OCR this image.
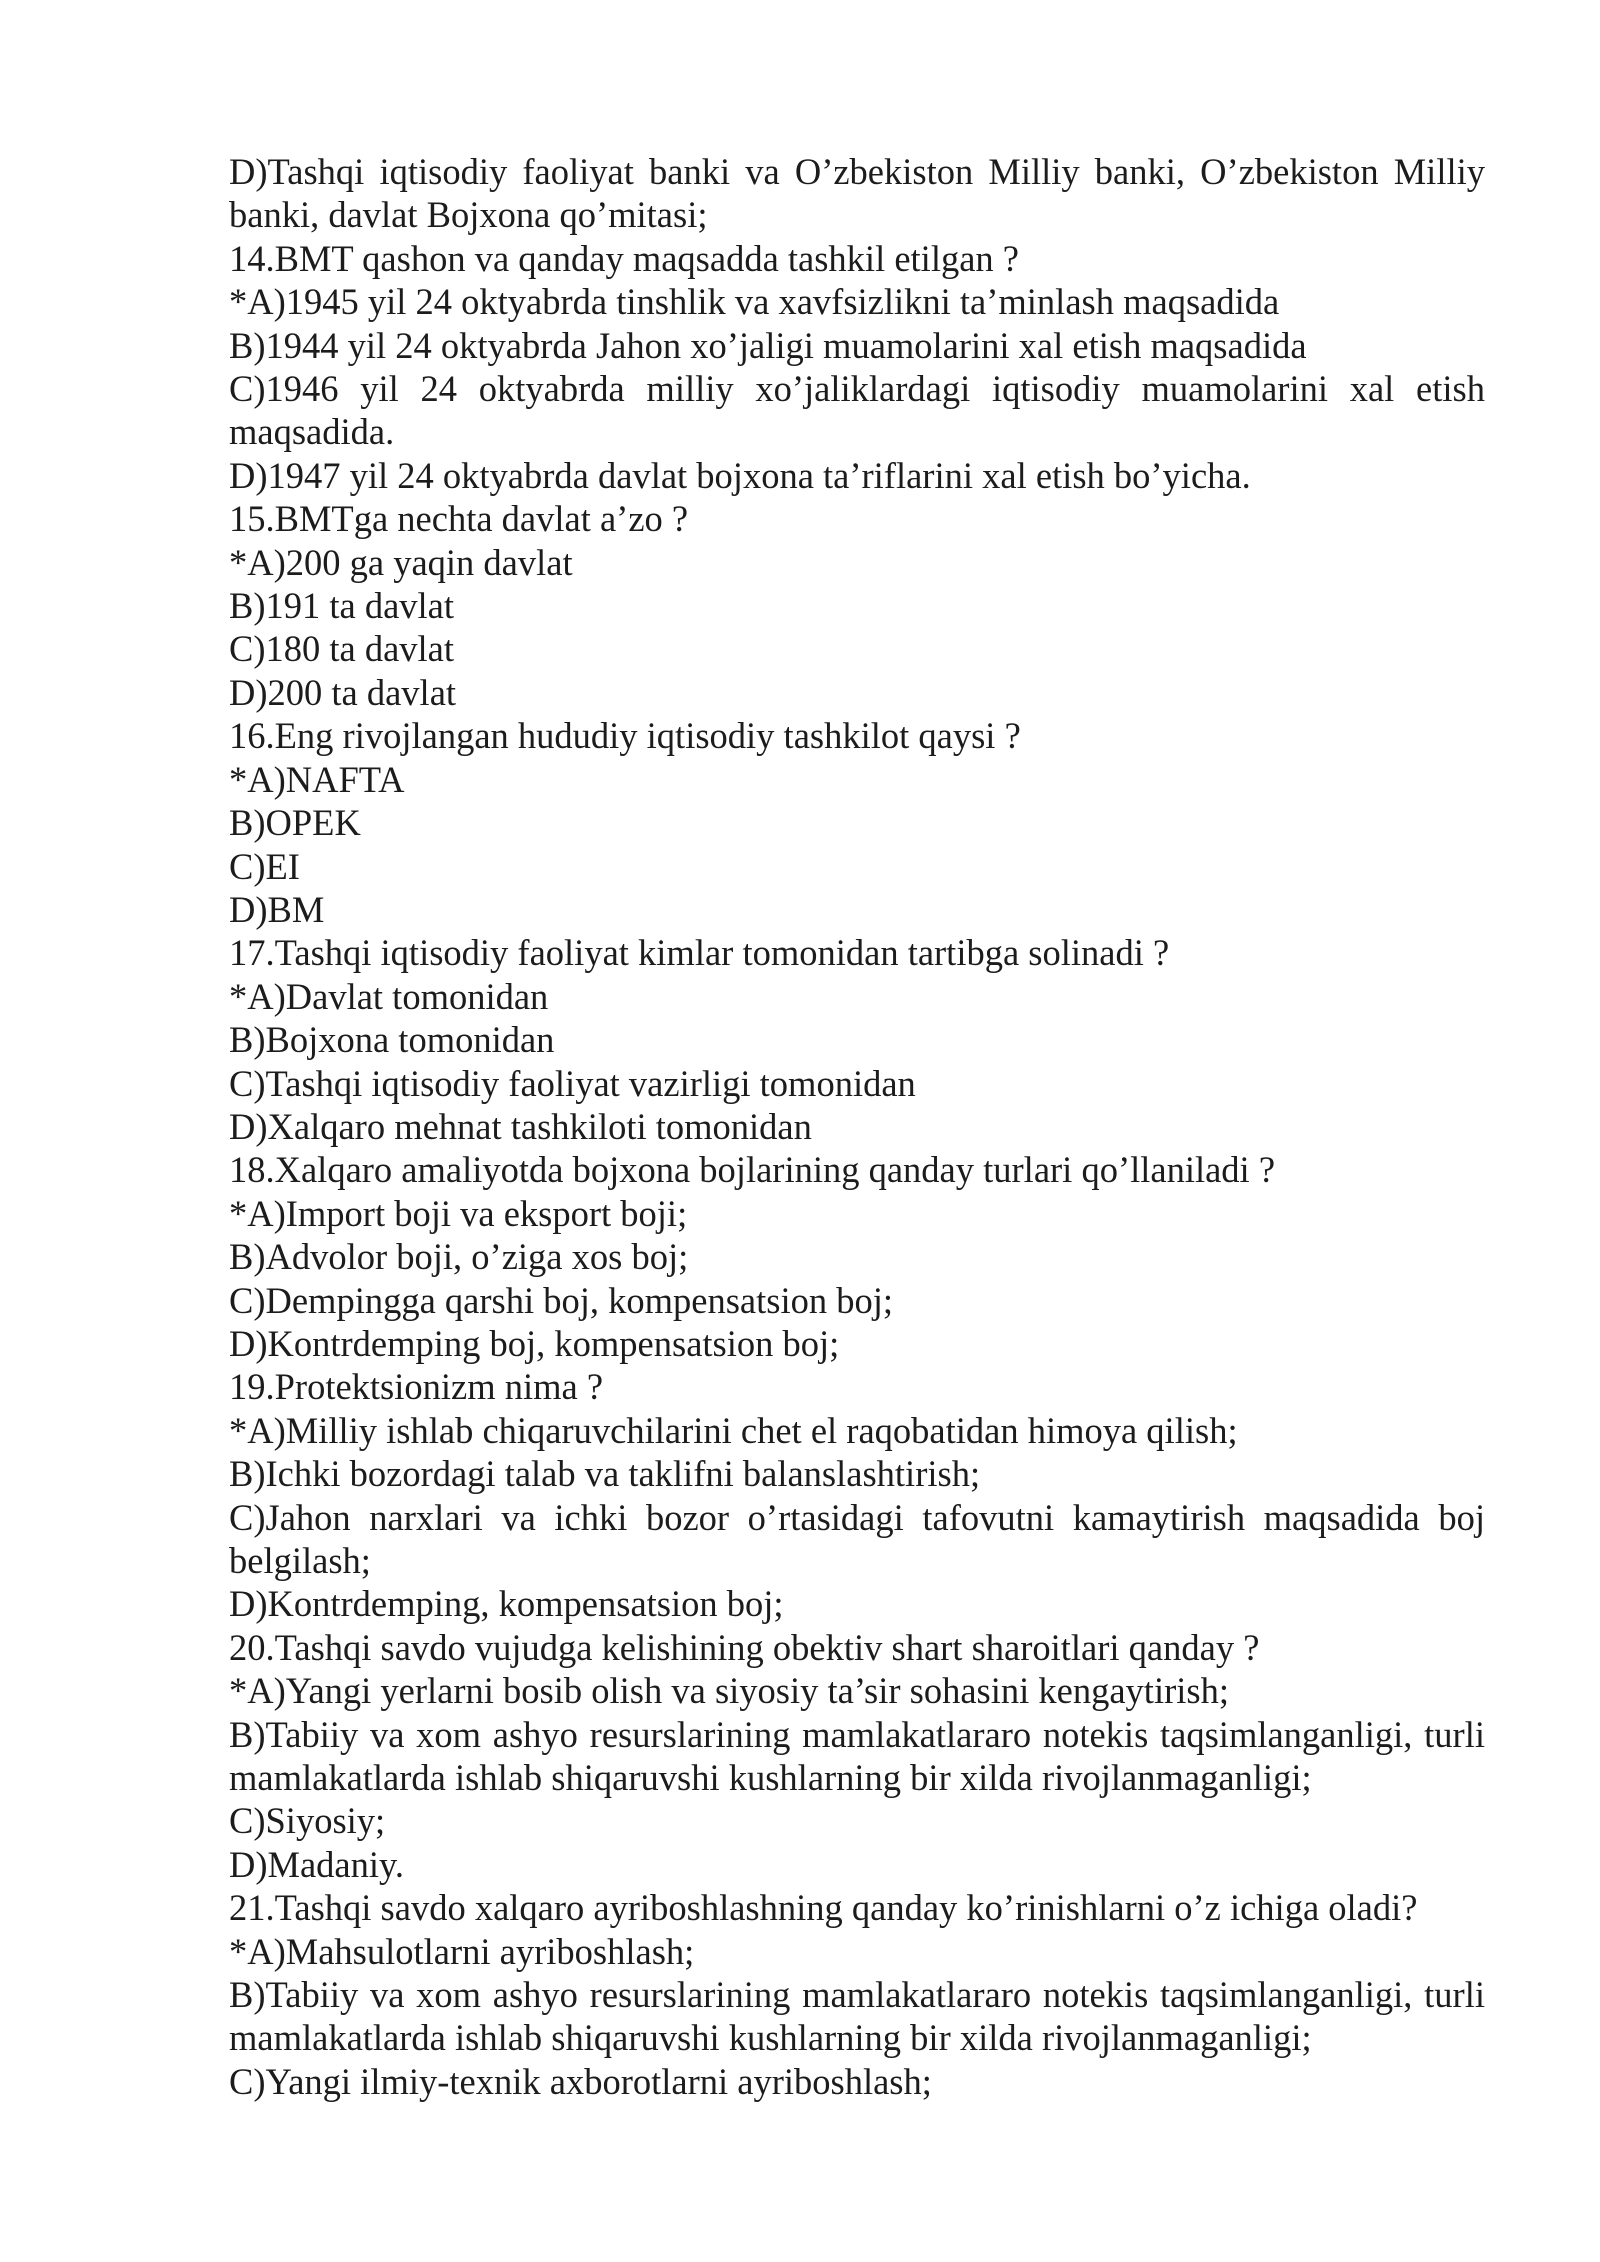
D)Tashqi iqtisodiy faoliyat banki va O’zbekiston Milliy banki, O’zbekiston Milliy banki, davlat Bojxona qo’mitasi;

14.BMT qashon va qanday maqsadda tashkil etilgan ?

*A)1945 yil 24 oktyabrda tinshlik va xavfsizlikni ta’minlash maqsadida

B)1944 yil 24 oktyabrda Jahon xo’jaligi muamolarini xal etish maqsadida

C)1946 yil 24 oktyabrda milliy xo’jaliklardagi iqtisodiy muamolarini xal etish maqsadida.

D)1947 yil 24 oktyabrda davlat bojxona ta’riflarini xal etish bo’yicha.

15.BMTga nechta davlat a’zo ?

*A)200 ga yaqin davlat

B)191 ta davlat

C)180 ta davlat

D)200 ta davlat

16.Eng rivojlangan hududiy iqtisodiy tashkilot qaysi ?

*A)NAFTA

B)OPEK

C)EI

D)BM

17.Tashqi iqtisodiy faoliyat kimlar tomonidan tartibga solinadi ?

*A)Davlat tomonidan

B)Bojxona tomonidan

C)Tashqi iqtisodiy faoliyat vazirligi tomonidan

D)Xalqaro mehnat tashkiloti tomonidan

18.Xalqaro amaliyotda bojxona bojlarining qanday turlari qo’llaniladi ?

*A)Import boji va eksport boji;

B)Advolor boji, o’ziga xos boj;

C)Dempingga qarshi boj, kompensatsion boj;

D)Kontrdemping boj, kompensatsion boj;

19.Protektsionizm nima ?

*A)Milliy ishlab chiqaruvchilarini chet el raqobatidan himoya qilish;

B)Ichki bozordagi talab va taklifni balanslashtirish;

C)Jahon narxlari va ichki bozor o’rtasidagi tafovutni kamaytirish maqsadida boj belgilash;

D)Kontrdemping, kompensatsion boj;

20.Tashqi savdo vujudga kelishining obektiv shart sharoitlari qanday ?

*A)Yangi yerlarni bosib olish va siyosiy ta’sir sohasini kengaytirish;

B)Tabiiy va xom ashyo resurslarining mamlakatlararo notekis taqsimlanganligi, turli mamlakatlarda ishlab shiqaruvshi kushlarning bir xilda rivojlanmaganligi;

C)Siyosiy;

D)Madaniy.

21.Tashqi savdo xalqaro ayriboshlashning qanday ko’rinishlarni o’z ichiga oladi?

*A)Mahsulotlarni ayriboshlash;

B)Tabiiy va xom ashyo resurslarining mamlakatlararo notekis taqsimlanganligi, turli mamlakatlarda ishlab shiqaruvshi kushlarning bir xilda rivojlanmaganligi;

C)Yangi ilmiy-texnik axborotlarni ayriboshlash;
